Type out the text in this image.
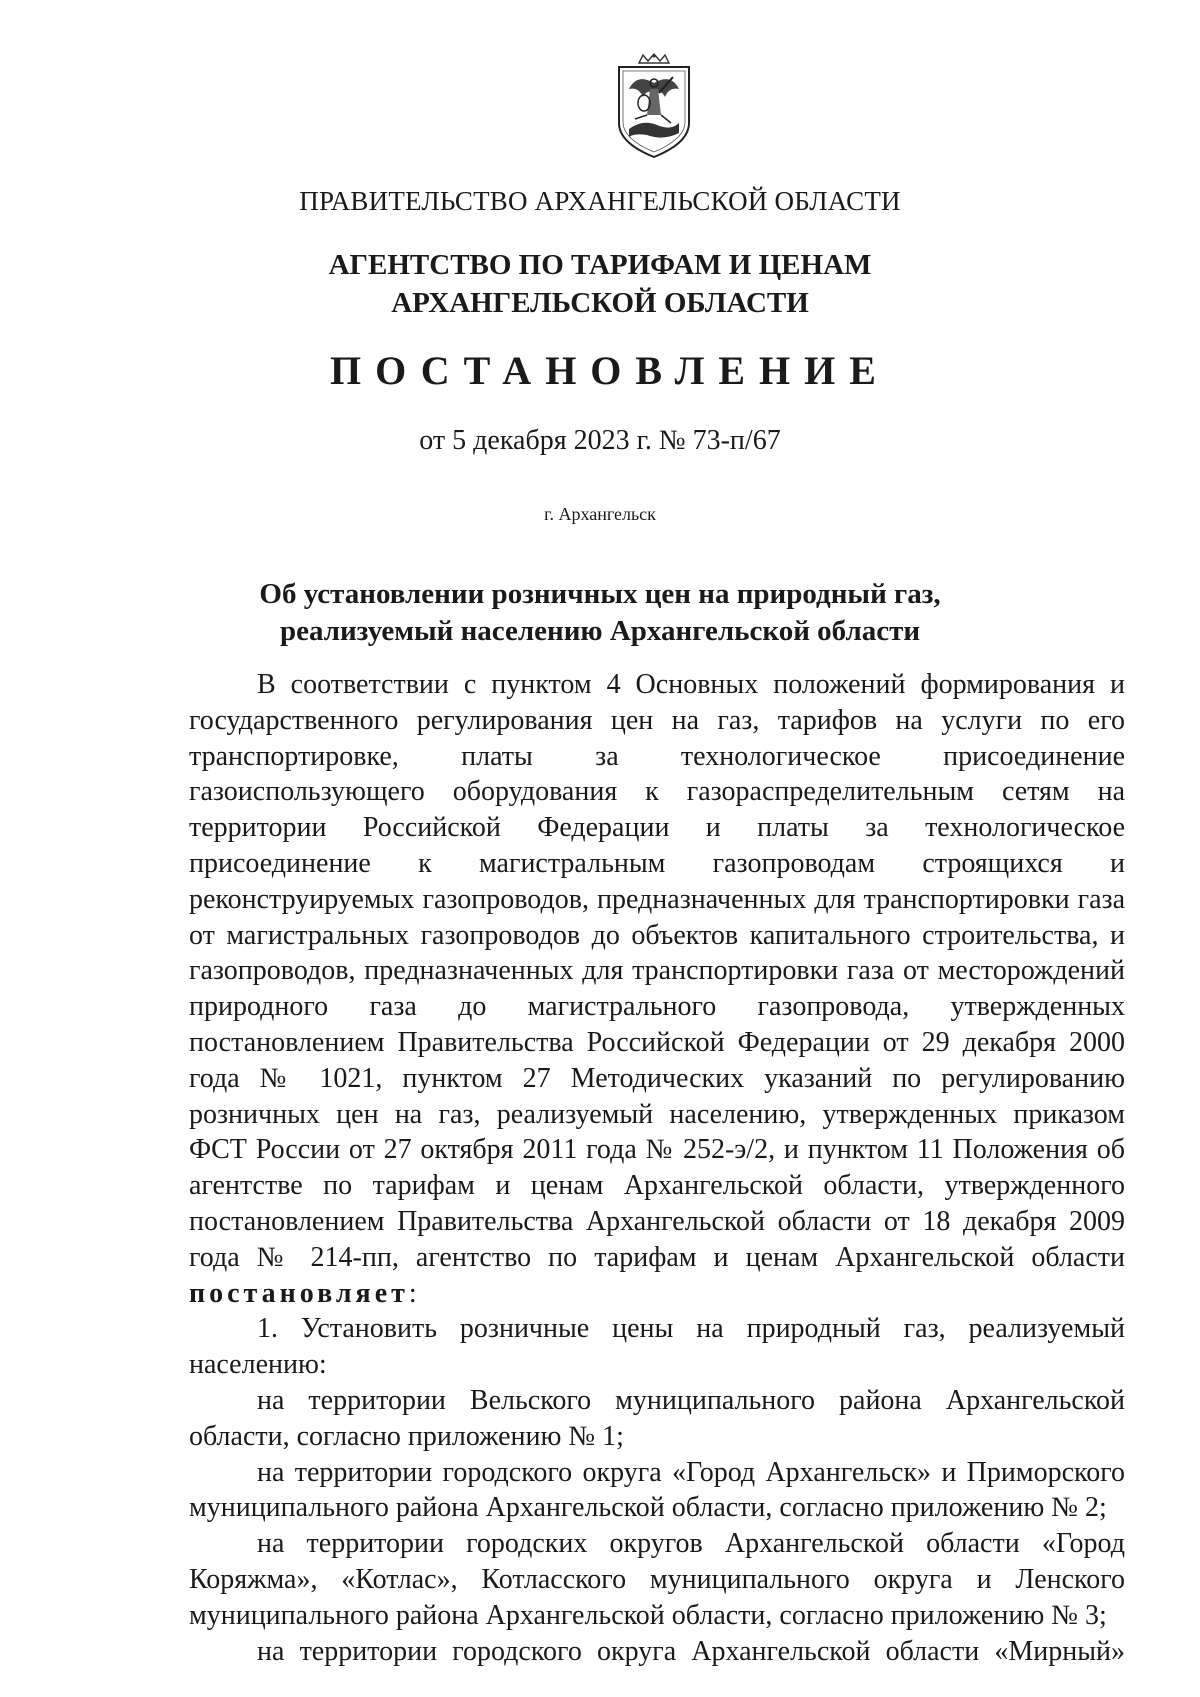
ПРАВИТЕЛЬСТВО АРХАНГЕЛЬСКОЙ ОБЛАСТИ
АГЕНТСТВО ПО ТАРИФАМ И ЦЕНАМ
АРХАНГЕЛЬСКОЙ ОБЛАСТИ
ПОСТАНОВЛЕНИЕ
от 5 декабря 2023 г. № 73-п/67
г. Архангельск
Об установлении розничных цен на природный газ,
реализуемый населению Архангельской области

В соответствии с пунктом 4 Основных положений формирования и государственного регулирования цен на газ, тарифов на услуги по его транспортировке, платы за технологическое присоединение газоиспользующего оборудования к газораспределительным сетям на территории Российской Федерации и платы за технологическое присоединение к магистральным газопроводам строящихся и реконструируемых газопроводов, предназначенных для транспортировки газа от магистральных газопроводов до объектов капитального строительства, и газопроводов, предназначенных для транспортировки газа от месторождений природного газа до магистрального газопровода, утвержденных постановлением Правительства Российской Федерации от 29 декабря 2000 года № 1021, пунктом 27 Методических указаний по регулированию розничных цен на газ, реализуемый населению, утвержденных приказом ФСТ России от 27 октября 2011 года № 252-э/2, и пунктом 11 Положения об агентстве по тарифам и ценам Архангельской области, утвержденного постановлением Правительства Архангельской области от 18 декабря 2009 года № 214-пп, агентство по тарифам и ценам Архангельской области постановляет:

1. Установить розничные цены на природный газ, реализуемый населению:

на территории Вельского муниципального района Архангельской области, согласно приложению № 1;

на территории городского округа «Город Архангельск» и Приморского муниципального района Архангельской области, согласно приложению № 2;

на территории городских округов Архангельской области «Город Коряжма», «Котлас», Котласского муниципального округа и Ленского муниципального района Архангельской области, согласно приложению № 3;

на территории городского округа Архангельской области «Мирный»
